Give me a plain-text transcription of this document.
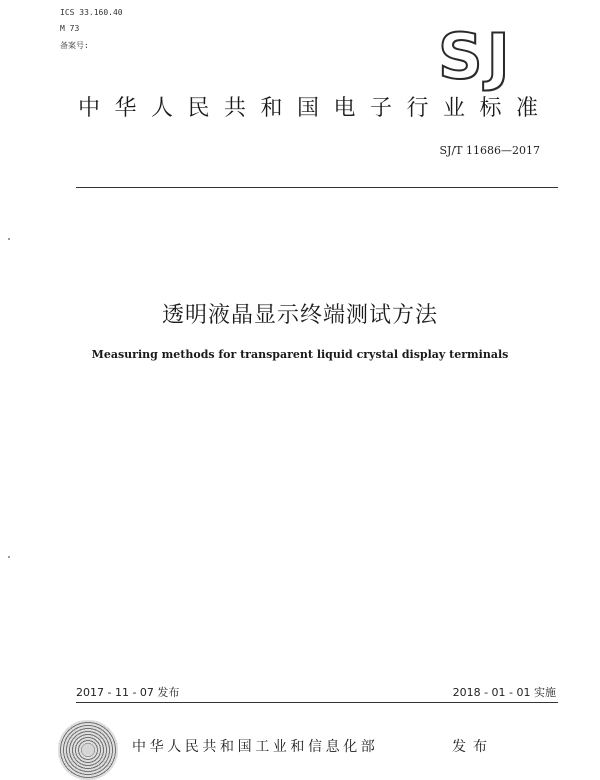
ICS 33.160.40
M 73
备案号:	SJ
中华人民共和国电子行业标准
SJ/T 11686—2017
透明液晶显示终端测试方法
Measuring methods for transparent liquid crystal display terminals
2017 - 11 - 07 发布	2018 - 01 - 01 实施
中华人民共和国工业和信息化部	发布
